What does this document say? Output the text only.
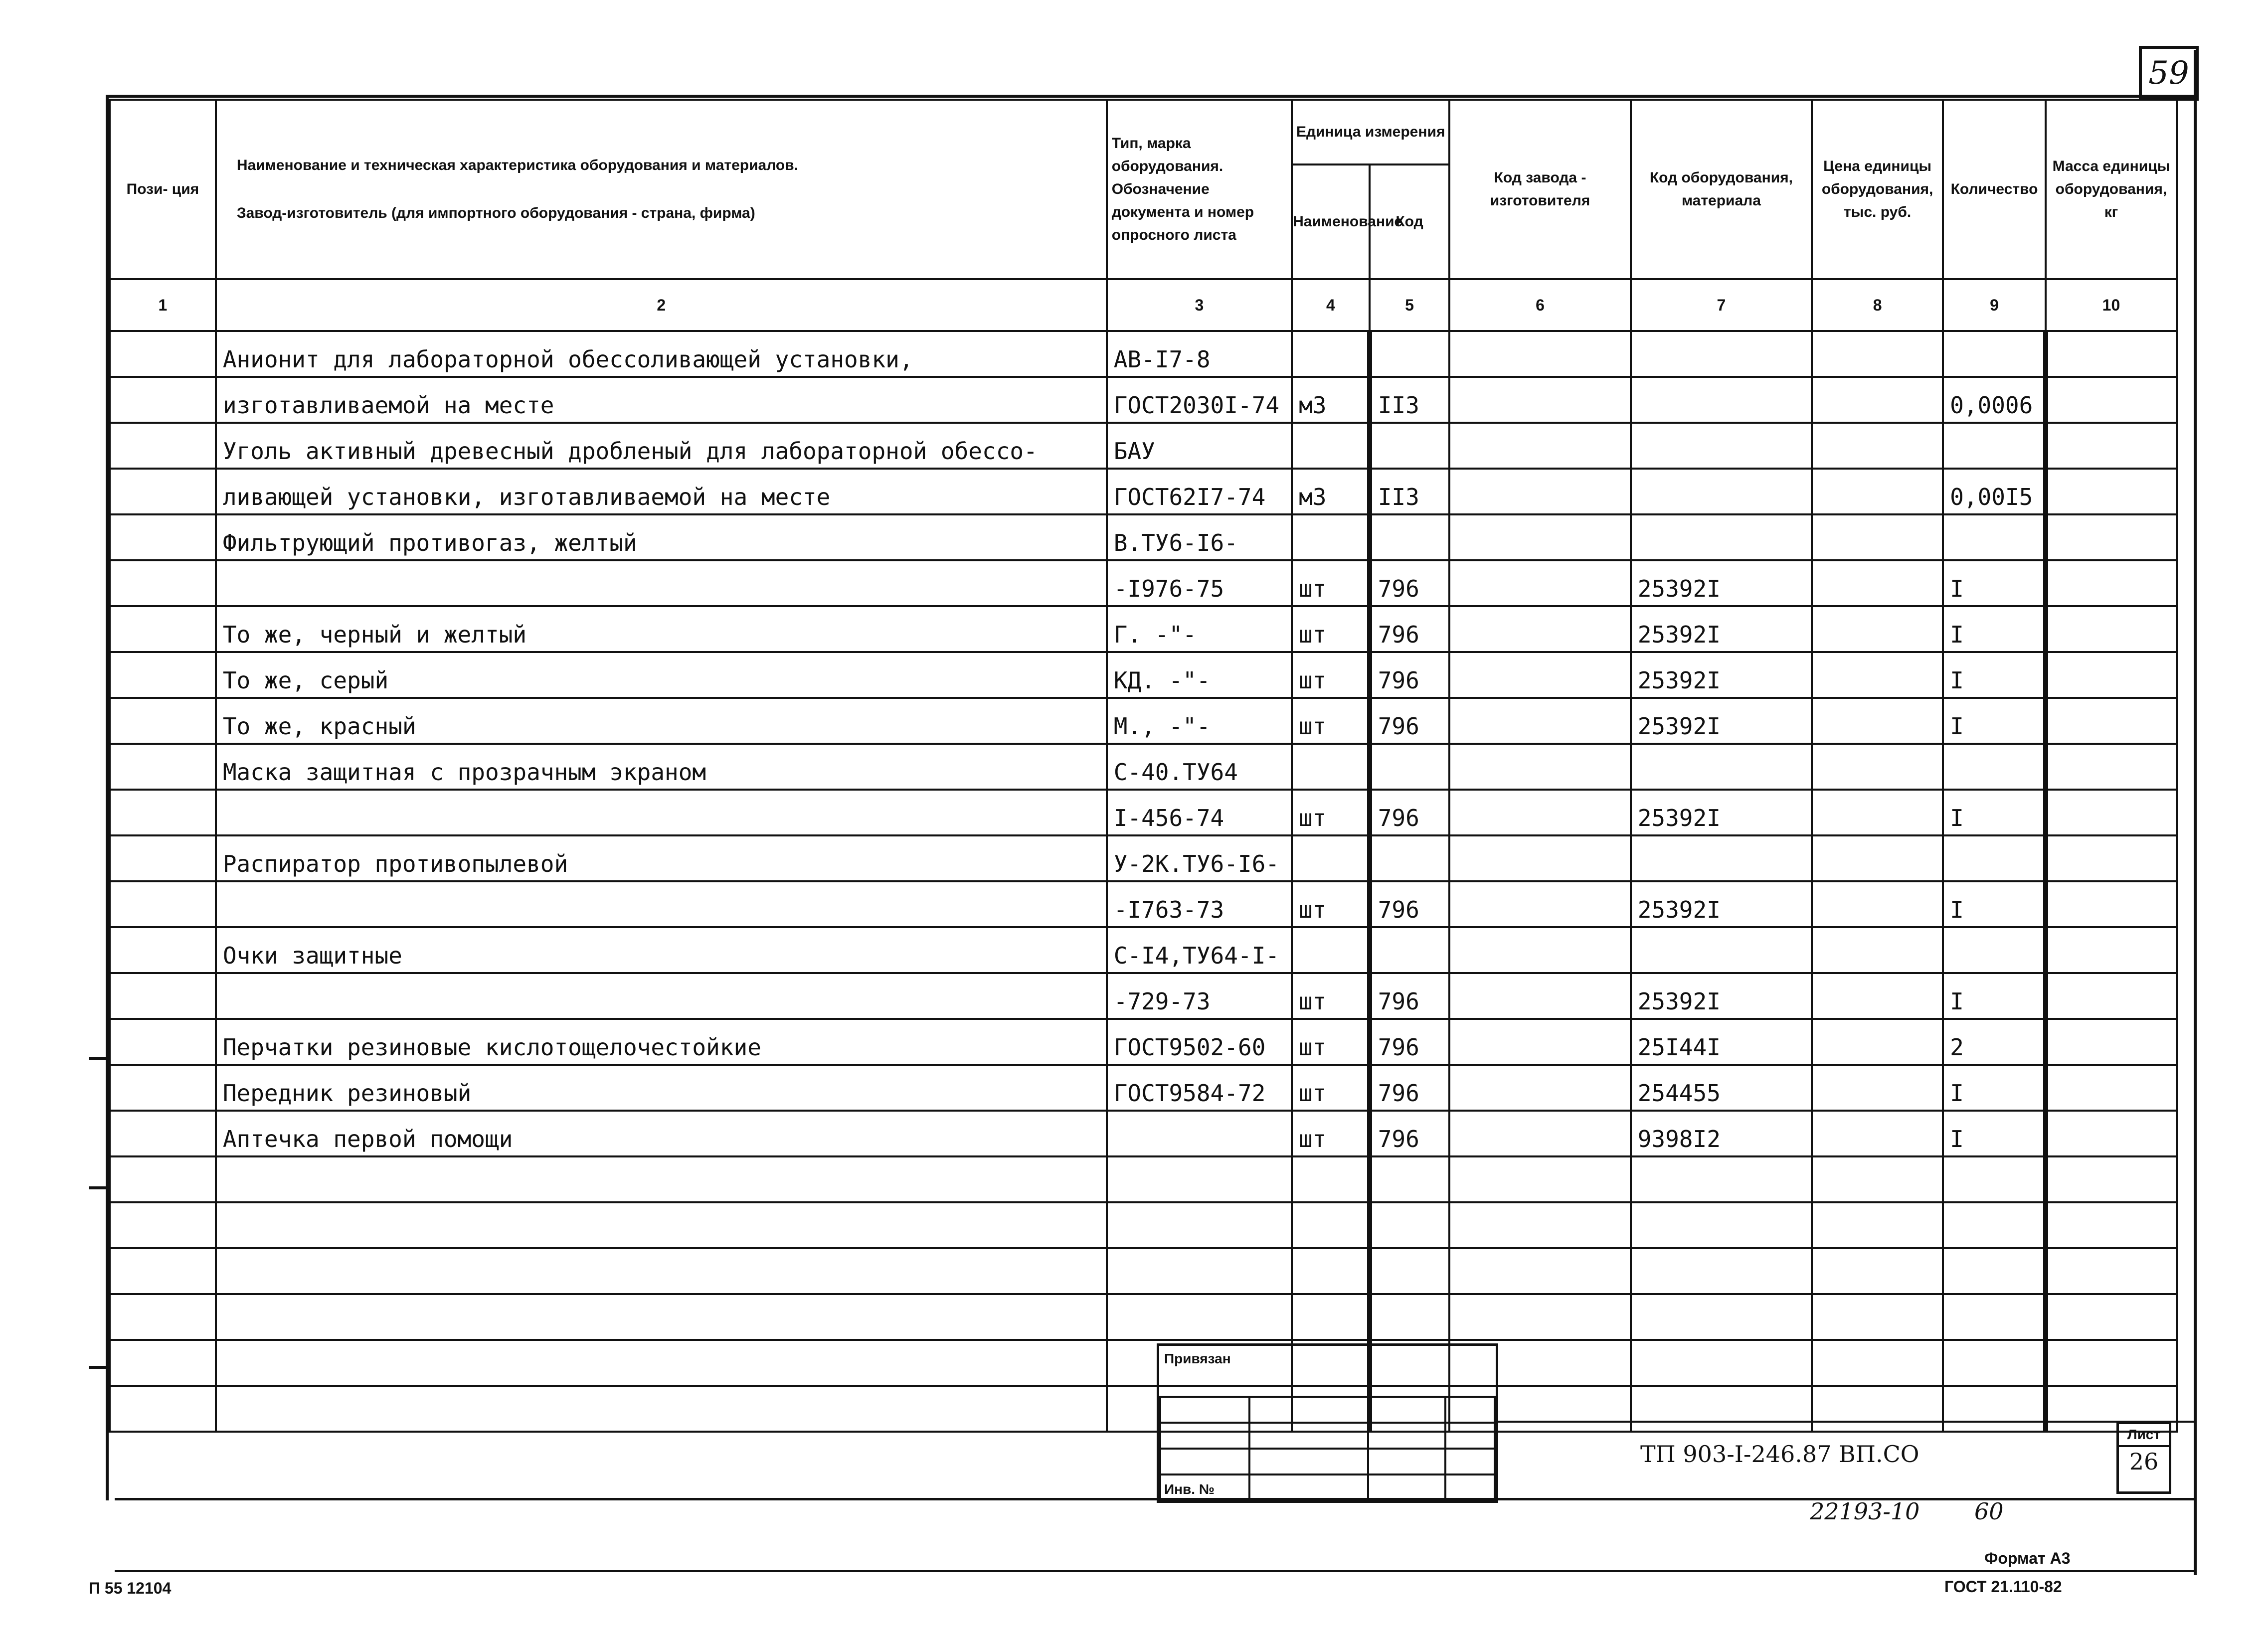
59
Пози- ция	Наименование и техническая характеристика оборудования и материалов.
Завод-изготовитель (для импортного оборудования - страна, фирма)	Тип, марка оборудования. Обозначение документа и номер опросного листа	Единица измерения		Код завода - изготовителя	Код оборудования, материала	Цена единицы оборудования, тыс. руб.	Количество	Масса единицы оборудования, кг
			Наименование	Код					
1	2	3	4	5	6	7	8	9	10
	Анионит для лабораторной обессоливающей установки,	АВ-I7-8							
	изготавливаемой на месте	ГОСТ2030I-74	м3	II3				0,0006	
	Уголь активный древесный дробленый для лабораторной обессо-	БАУ							
	ливающей установки, изготавливаемой на месте	ГОСТ62I7-74	м3	II3				0,00I5	
	Фильтрующий противогаз, желтый	В.ТУ6-I6-							
		-I976-75	шт	796		25392I		I	
	То же, черный и желтый	Г. -"-	шт	796		25392I		I	
	То же, серый	КД. -"-	шт	796		25392I		I	
	То же, красный	М., -"-	шт	796		25392I		I	
	Маска защитная с прозрачным экраном	С-40.ТУ64							
		I-456-74	шт	796		25392I		I	
	Распиратор противопылевой	У-2К.ТУ6-I6-							
		-I763-73	шт	796		25392I		I	
	Очки защитные	С-I4,ТУ64-I-							
		-729-73	шт	796		25392I		I	
	Перчатки резиновые кислотощелочестойкие	ГОСТ9502-60	шт	796		25I44I		2	
	Передник резиновый	ГОСТ9584-72	шт	796		254455		I	
	Аптечка первой помощи		шт	796		9398I2		I	

Привязан

Инв. №
ТП 903-I-246.87 ВП.СО
Лист
26
22193-10 60
Формат А3
ГОСТ 21.110-82
П 55 12104
